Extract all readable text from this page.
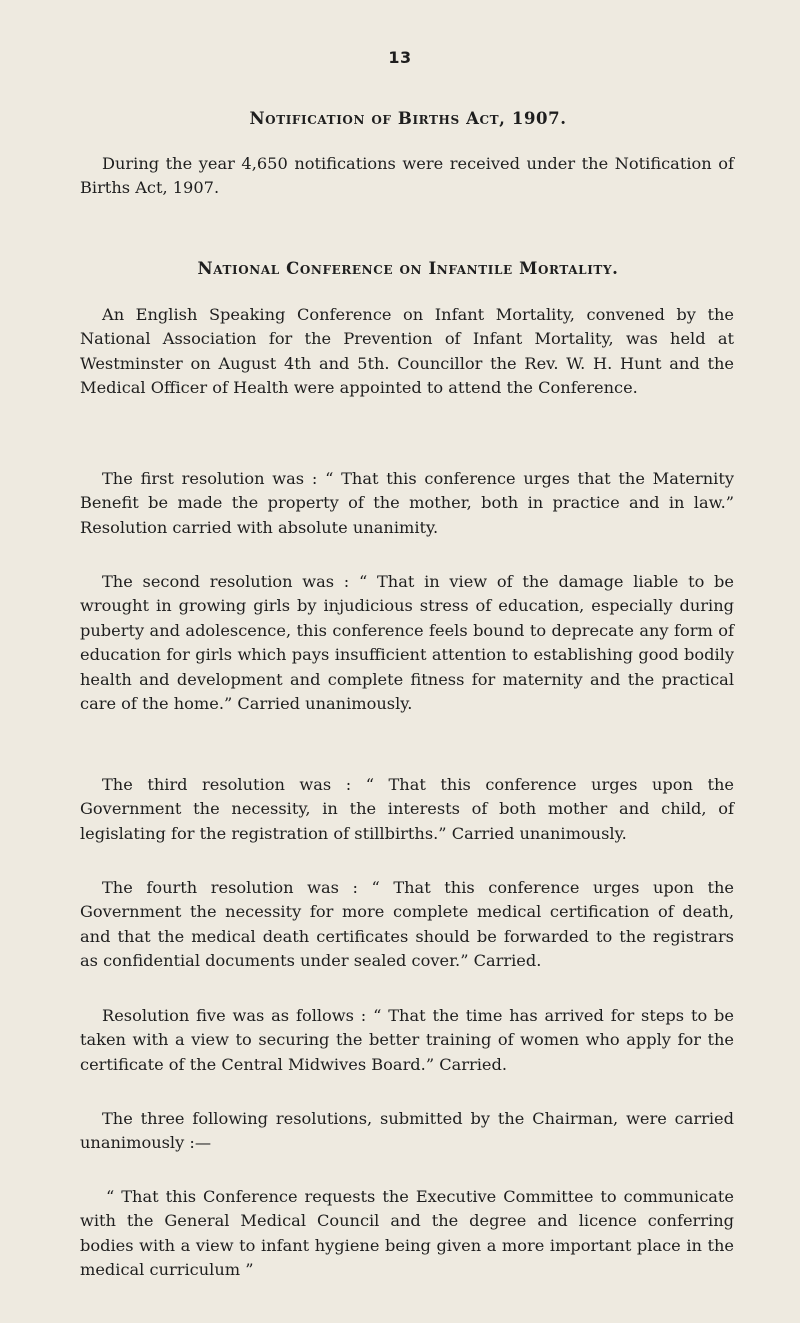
13
Notification of Births Act, 1907.

During the year 4,650 notifications were received under the Notification of Births Act, 1907.

National Conference on Infantile Mortality.

An English Speaking Conference on Infant Mortality, convened by the National Association for the Prevention of Infant Mortality, was held at Westminster on August 4th and 5th. Councillor the Rev. W. H. Hunt and the Medical Officer of Health were appointed to attend the Conference.

The first resolution was : “ That this conference urges that the Maternity Benefit be made the property of the mother, both in practice and in law.” Resolution carried with absolute unanimity.

The second resolution was : “ That in view of the damage liable to be wrought in growing girls by injudicious stress of education, especially during puberty and adolescence, this conference feels bound to deprecate any form of education for girls which pays insufficient attention to establishing good bodily health and development and complete fitness for maternity and the practical care of the home.” Carried unanimously.

The third resolution was : “ That this conference urges upon the Government the necessity, in the interests of both mother and child, of legislating for the registration of stillbirths.” Carried unanimously.

The fourth resolution was : “ That this conference urges upon the Government the necessity for more complete medical certification of death, and that the medical death certificates should be forwarded to the registrars as confidential documents under sealed cover.” Carried.

Resolution five was as follows : “ That the time has arrived for steps to be taken with a view to securing the better training of women who apply for the certificate of the Central Midwives Board.” Carried.

The three following resolutions, submitted by the Chairman, were carried unanimously :—

“ That this Conference requests the Executive Committee to communicate with the General Medical Council and the degree and licence conferring bodies with a view to infant hygiene being given a more important place in the medical curriculum ”
